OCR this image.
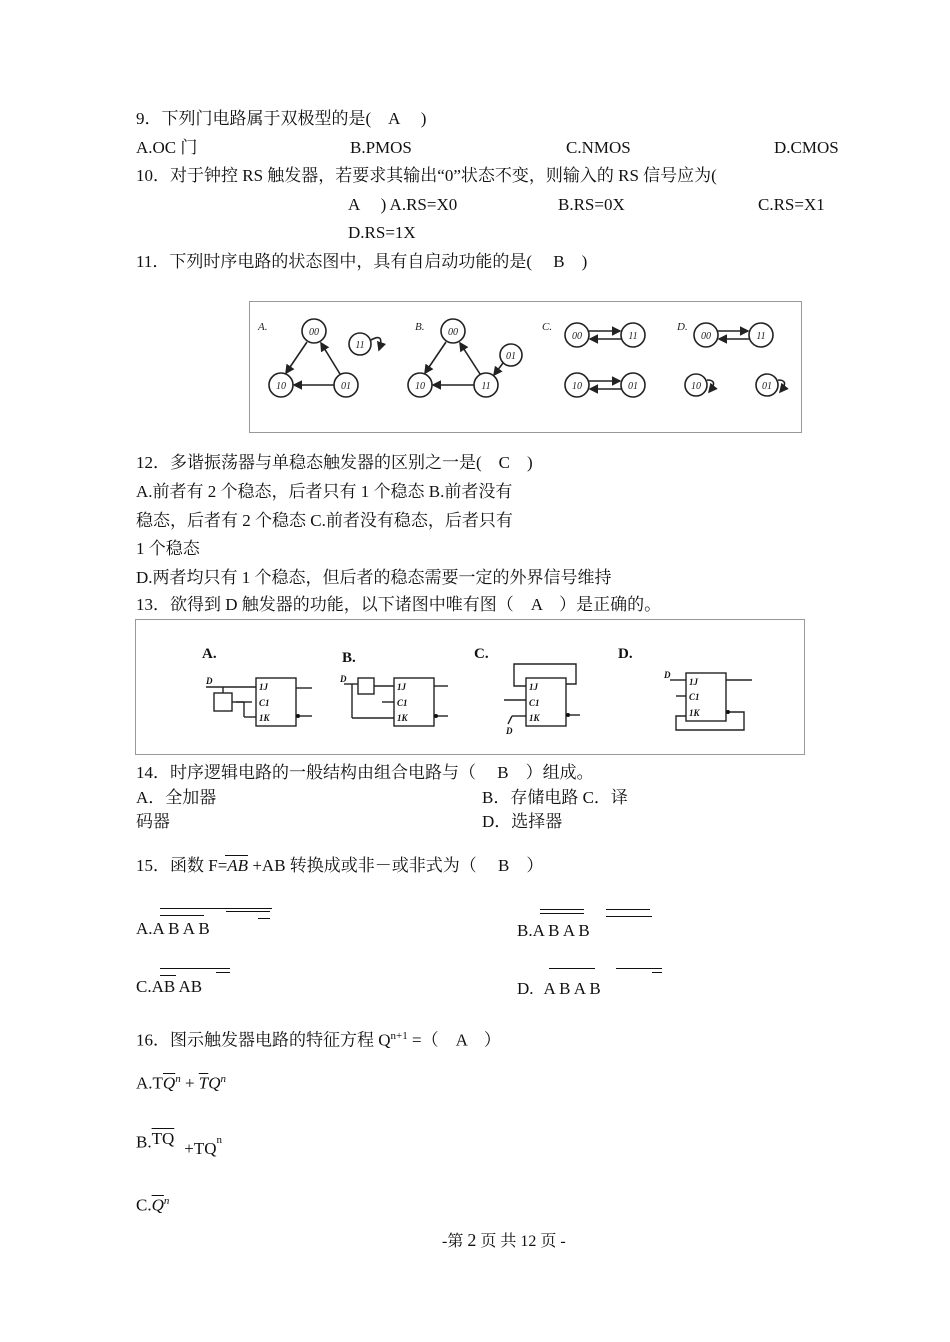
9．下列门电路属于双极型的是(　A　 )
A.OC 门	B.PMOS	C.NMOS	D.CMOS
10．对于钟控 RS 触发器，若要求其输出“0”状态不变，则输入的 RS 信号应为(
A　 ) A.RS=X0	B.RS=0X	C.RS=X1
D.RS=1X
11．下列时序电路的状态图中，具有自启动功能的是(　 B　)
A.	B.	C.	D.
00
11
10	01
00
01
10	11
00	11
10	01
00	11
10	01
12．多谐振荡器与单稳态触发器的区别之一是(　C　)
A.前者有 2 个稳态，后者只有 1 个稳态 B.前者没有
稳态，后者有 2 个稳态 C.前者没有稳态，后者只有
1 个稳态
D.两者均只有 1 个稳态，但后者的稳态需要一定的外界信号维持
13．欲得到 D 触发器的功能，以下诸图中唯有图（　A　）是正确的。
A.	B.	C.	D.
1J
C1
1K
D
1J
C1
1K
D
1J
C1
1K
D
1J
C1
1K
D
14．时序逻辑电路的一般结构由组合电路与（　 B　）组成。
A．全加器	B．存储电路 C．译
码器	D．选择器
15．函数 F=
AB +AB 转换成或非－或非式为（　 B　）
A.A B A B	B.A B A B
C.AB AB	D. A B A B
16．图示触发器电路的特征方程 $Q^{n+1}$ =（　A　）
$A.T\overline{Q}^n + \overline{T}Q^n$
$B.\overline{TQ}+TQ^n$
$C.\overline{Q}^n$
-第 2 页 共 12 页 -
